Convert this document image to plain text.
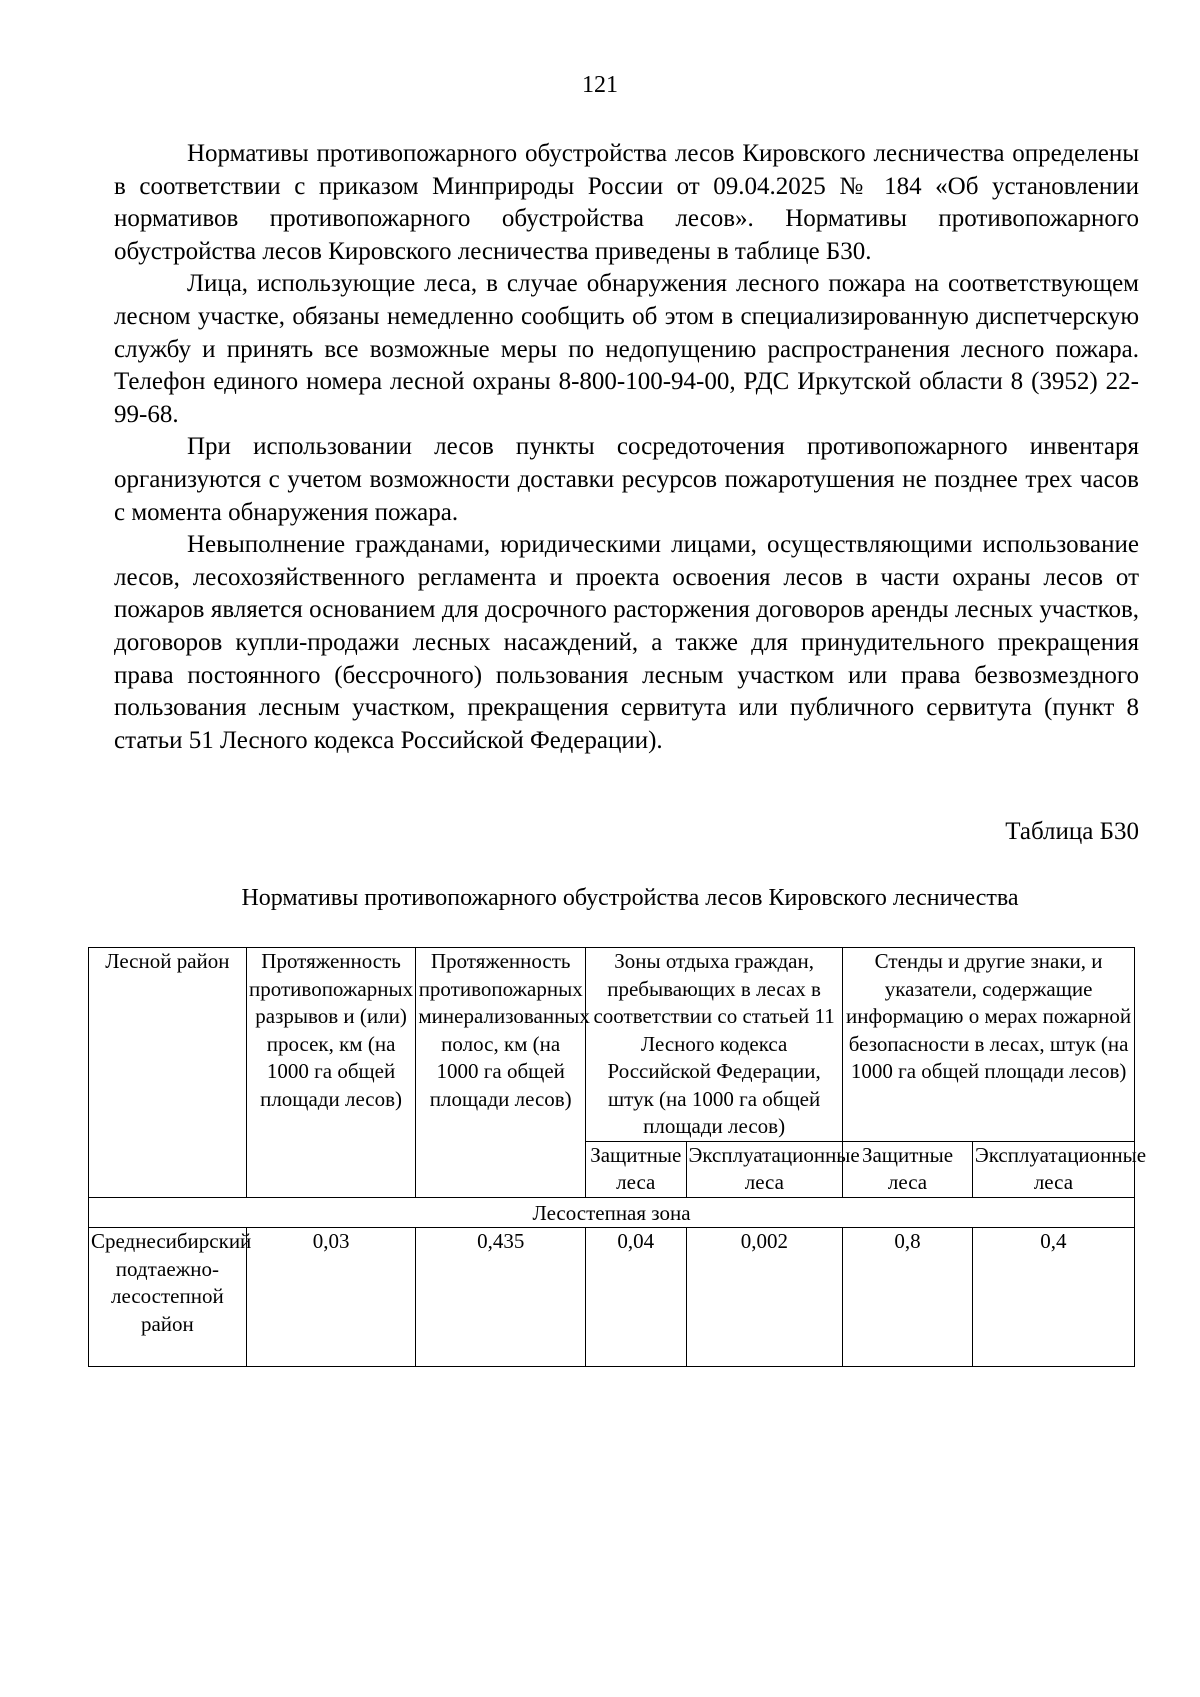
121

Нормативы противопожарного обустройства лесов Кировского лесничества определены в соответствии с приказом Минприроды России от 09.04.2025 № 184 «Об установлении нормативов противопожарного обустройства лесов». Нормативы противопожарного обустройства лесов Кировского лесничества приведены в таблице Б30.

Лица, использующие леса, в случае обнаружения лесного пожара на соответствующем лесном участке, обязаны немедленно сообщить об этом в специализированную диспетчерскую службу и принять все возможные меры по недопущению распространения лесного пожара. Телефон единого номера лесной охраны 8-800-100-94-00, РДС Иркутской области 8 (3952) 22-99-68.

При использовании лесов пункты сосредоточения противопожарного инвентаря организуются с учетом возможности доставки ресурсов пожаротушения не позднее трех часов с момента обнаружения пожара.

Невыполнение гражданами, юридическими лицами, осуществляющими использование лесов, лесохозяйственного регламента и проекта освоения лесов в части охраны лесов от пожаров является основанием для досрочного расторжения договоров аренды лесных участков, договоров купли-продажи лесных насаждений, а также для принудительного прекращения права постоянного (бессрочного) пользования лесным участком или права безвозмездного пользования лесным участком, прекращения сервитута или публичного сервитута (пункт 8 статьи 51 Лесного кодекса Российской Федерации).

Таблица Б30
Нормативы противопожарного обустройства лесов Кировского лесничества
Лесной район	Протяженность противопожарных разрывов и (или) просек, км (на 1000 га общей площади лесов)	Протяженность противопожарных минерализованных полос, км (на 1000 га общей площади лесов)	Зоны отдыха граждан, пребывающих в лесах в соответствии со статьей 11 Лесного кодекса Российской Федерации, штук (на 1000 га общей площади лесов)		Стенды и другие знаки, и указатели, содержащие информацию о мерах пожарной безопасности в лесах, штук (на 1000 га общей площади лесов)	
			Защитные леса	Эксплуатационные леса	Защитные леса	Эксплуатационные леса
Лесостепная зона						
Среднесибирский подтаежно-лесостепной район	0,03	0,435	0,04	0,002	0,8	0,4
